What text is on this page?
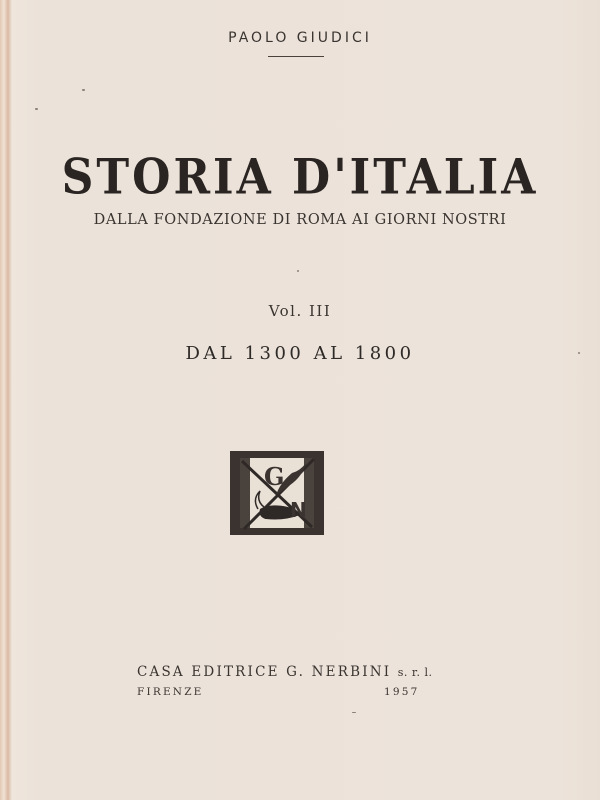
PAOLO GIUDICI
STORIA D'ITALIA
DALLA FONDAZIONE DI ROMA AI GIORNI NOSTRI
Vol. III
DAL 1300 AL 1800
G
N
CASA EDITRICE G. NERBINI s. r. l.
FIRENZE	1957
